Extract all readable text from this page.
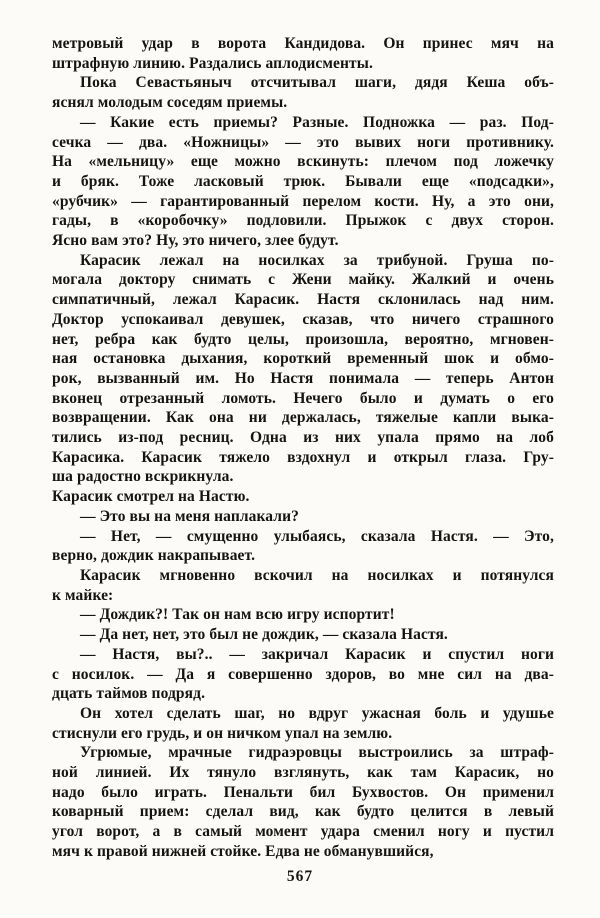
метровый удар в ворота Кандидова. Он принес мяч на
штрафную линию. Раздались аплодисменты.
Пока Севастьяныч отсчитывал шаги, дядя Кеша объ-
яснял молодым соседям приемы.
— Какие есть приемы? Разные. Подножка — раз. Под-
сечка — два. «Ножницы» — это вывих ноги противнику.
На «мельницу» еще можно вскинуть: плечом под ложечку
и бряк. Тоже ласковый трюк. Бывали еще «подсадки»,
«рубчик» — гарантированный перелом кости. Ну, а это они,
гады, в «коробочку» подловили. Прыжок с двух сторон.
Ясно вам это? Ну, это ничего, злее будут.
Карасик лежал на носилках за трибуной. Груша по-
могала доктору снимать с Жени майку. Жалкий и очень
симпатичный, лежал Карасик. Настя склонилась над ним.
Доктор успокаивал девушек, сказав, что ничего страшного
нет, ребра как будто целы, произошла, вероятно, мгновен-
ная остановка дыхания, короткий временный шок и обмо-
рок, вызванный им. Но Настя понимала — теперь Антон
вконец отрезанный ломоть. Нечего было и думать о его
возвращении. Как она ни держалась, тяжелые капли выка-
тились из-под ресниц. Одна из них упала прямо на лоб
Карасика. Карасик тяжело вздохнул и открыл глаза. Гру-
ша радостно вскрикнула.
Карасик смотрел на Настю.
— Это вы на меня наплакали?
— Нет, — смущенно улыбаясь, сказала Настя. — Это,
верно, дождик накрапывает.
Карасик мгновенно вскочил на носилках и потянулся
к майке:
— Дождик?! Так он нам всю игру испортит!
— Да нет, нет, это был не дождик, — сказала Настя.
— Настя, вы?.. — закричал Карасик и спустил ноги
с носилок. — Да я совершенно здоров, во мне сил на два-
дцать таймов подряд.
Он хотел сделать шаг, но вдруг ужасная боль и удушье
стиснули его грудь, и он ничком упал на землю.
Угрюмые, мрачные гидраэровцы выстроились за штраф-
ной линией. Их тянуло взглянуть, как там Карасик, но
надо было играть. Пенальти бил Бухвостов. Он применил
коварный прием: сделал вид, как будто целится в левый
угол ворот, а в самый момент удара сменил ногу и пустил
мяч к правой нижней стойке. Едва не обманувшийся,
567
